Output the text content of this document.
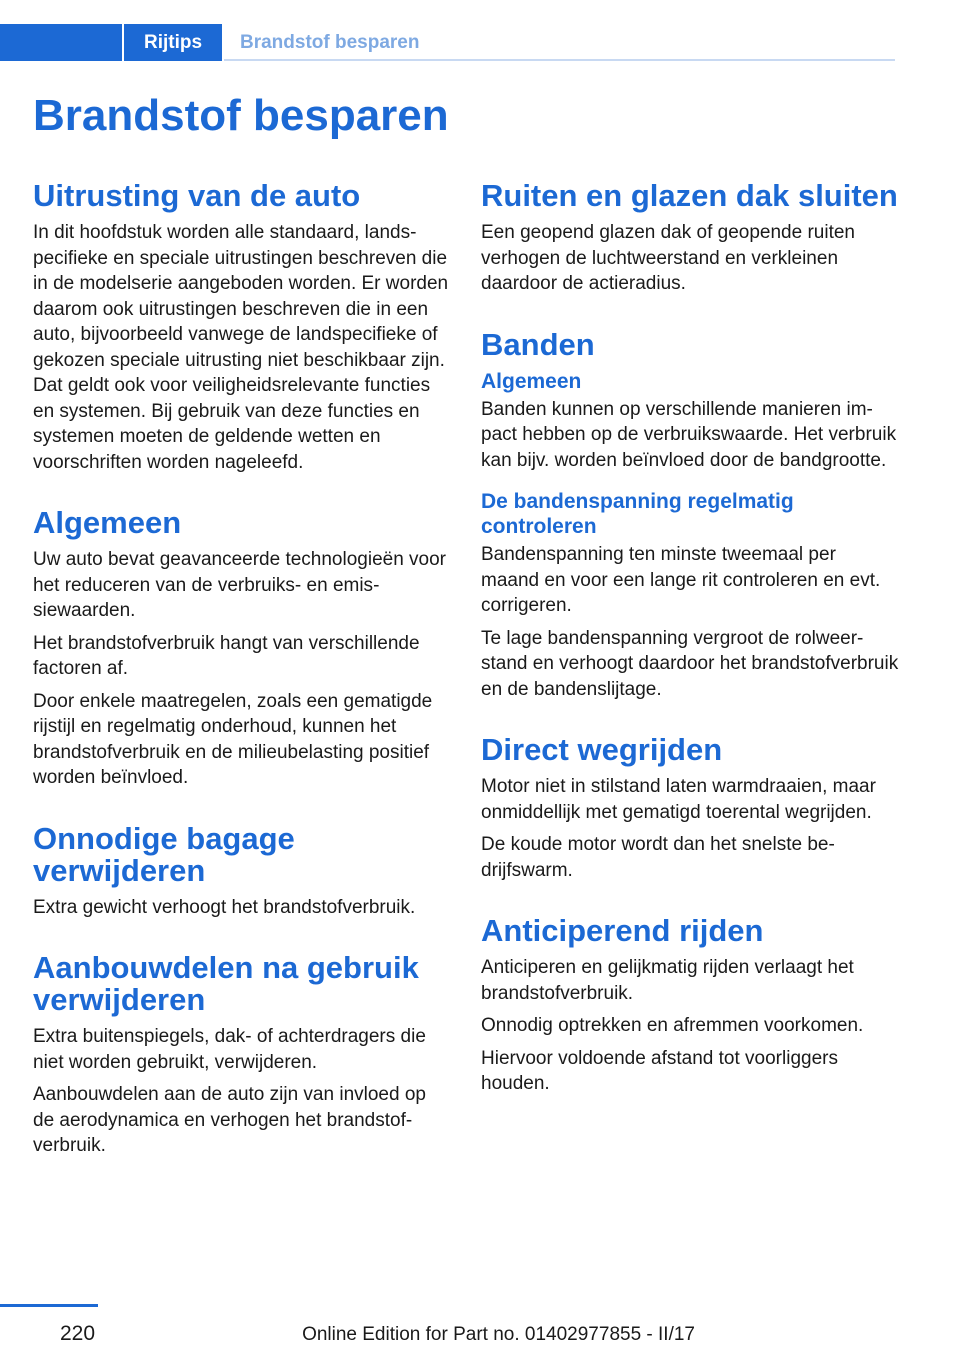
Rijtips	Brandstof besparen
Brandstof besparen
Uitrusting van de auto

In dit hoofdstuk worden alle standaard, landspecifieke en speciale uitrustingen beschreven die in de modelserie aangeboden worden. Er worden daarom ook uitrustingen beschreven die in een auto, bijvoorbeeld vanwege de landspecifieke of gekozen speciale uitrusting niet beschikbaar zijn. Dat geldt ook voor veiligheidsrelevante functies en systemen. Bij gebruik van deze functies en systemen moeten de geldende wetten en voorschriften worden nageleefd.

Algemeen

Uw auto bevat geavanceerde technologieën voor het reduceren van de verbruiks- en emissiewaarden.

Het brandstofverbruik hangt van verschillende factoren af.

Door enkele maatregelen, zoals een gematigde rijstijl en regelmatig onderhoud, kunnen het brandstofverbruik en de milieubelasting positief worden beïnvloed.

Onnodige bagage verwijderen

Extra gewicht verhoogt het brandstofverbruik.

Aanbouwdelen na gebruik verwijderen

Extra buitenspiegels, dak- of achterdragers die niet worden gebruikt, verwijderen.

Aanbouwdelen aan de auto zijn van invloed op de aerodynamica en verhogen het brandstofverbruik.

Ruiten en glazen dak sluiten

Een geopend glazen dak of geopende ruiten verhogen de luchtweerstand en verkleinen daardoor de actieradius.

Banden
Algemeen

Banden kunnen op verschillende manieren impact hebben op de verbruikswaarde. Het verbruik kan bijv. worden beïnvloed door de bandgrootte.

De bandenspanning regelmatig controleren

Bandenspanning ten minste tweemaal per maand en voor een lange rit controleren en evt. corrigeren.

Te lage bandenspanning vergroot de rolweerstand en verhoogt daardoor het brandstofverbruik en de bandenslijtage.

Direct wegrijden

Motor niet in stilstand laten warmdraaien, maar onmiddellijk met gematigd toerental wegrijden.

De koude motor wordt dan het snelste bedrijfswarm.

Anticiperend rijden

Anticiperen en gelijkmatig rijden verlaagt het brandstofverbruik.

Onnodig optrekken en afremmen voorkomen.

Hiervoor voldoende afstand tot voorliggers houden.

220	Online Edition for Part no. 01402977855 - II/17
